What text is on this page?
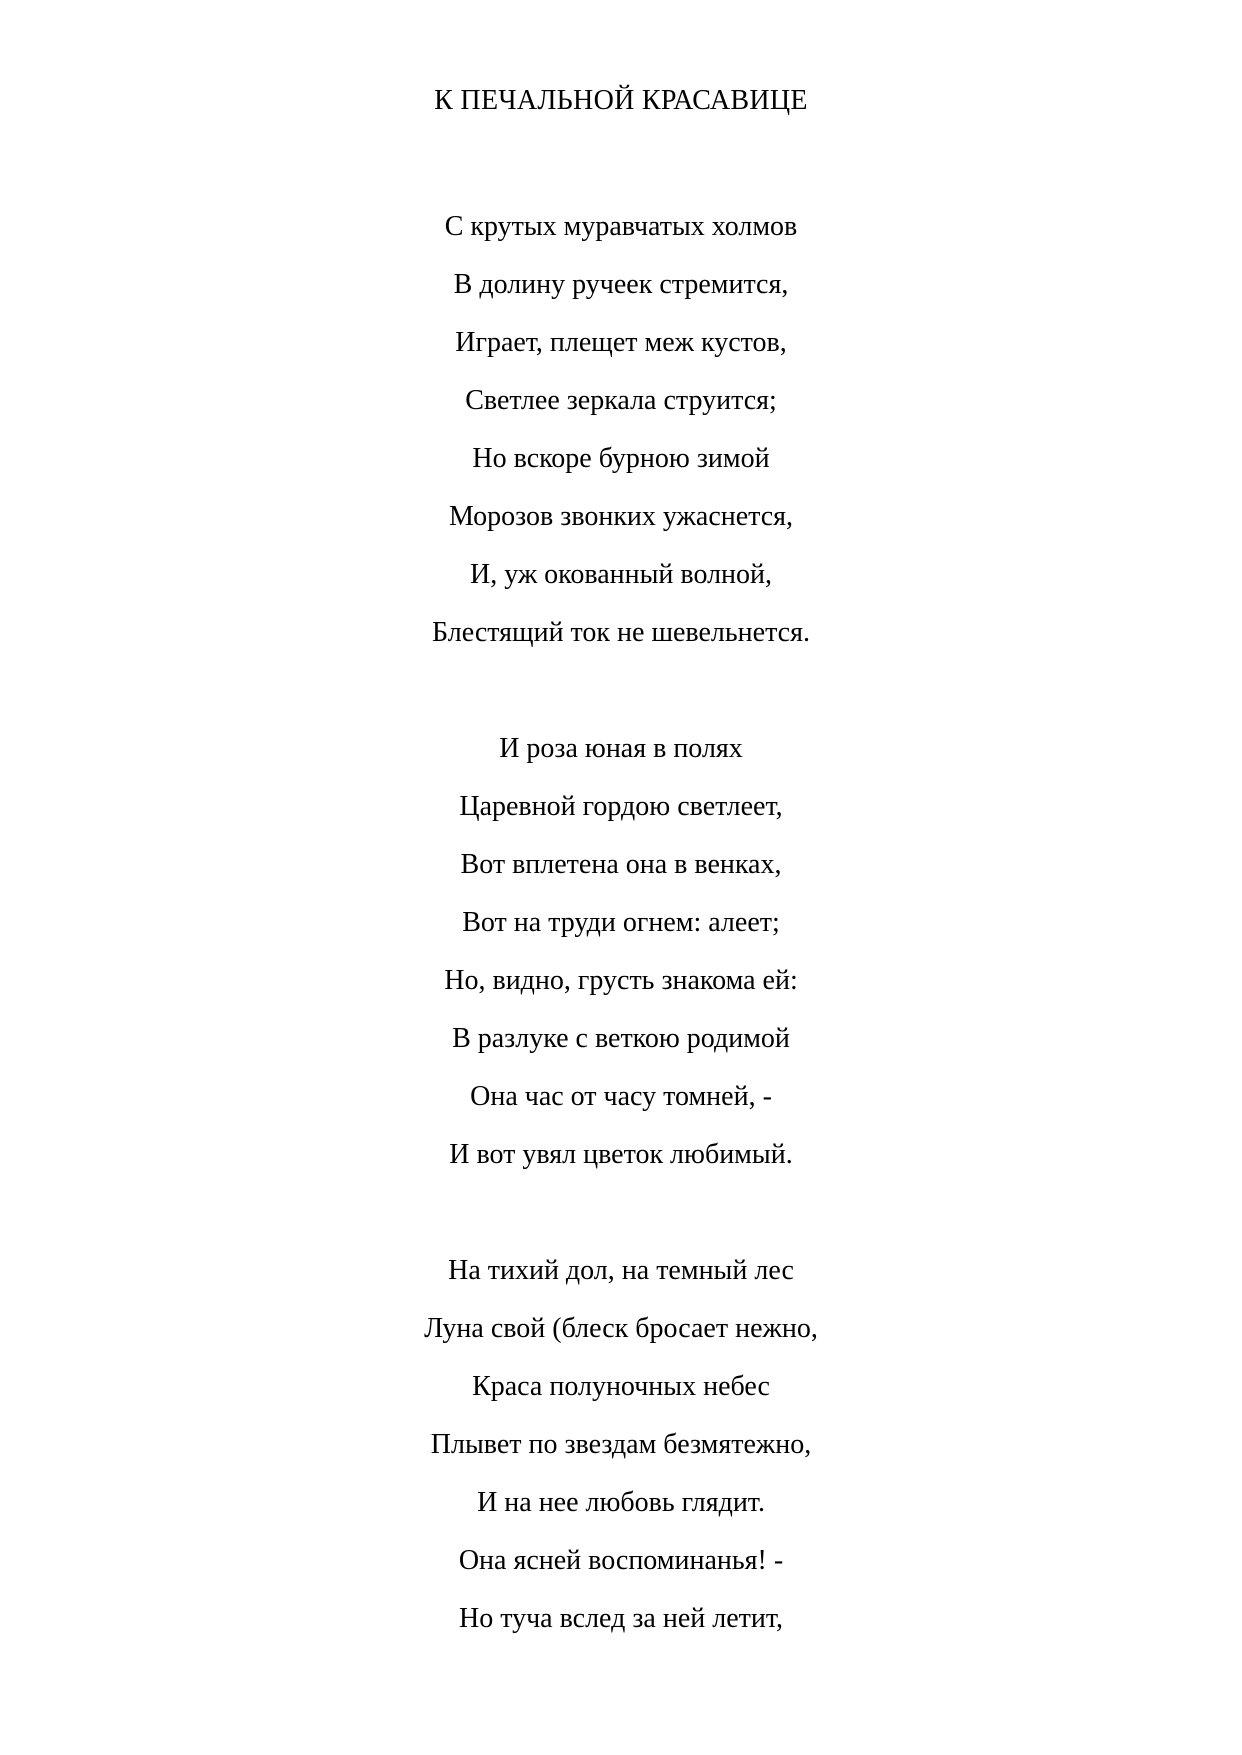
К ПЕЧАЛЬНОЙ КРАСАВИЦЕ
С крутых муравчатых холмов
В долину ручеек стремится,
Играет, плещет меж кустов,
Светлее зеркала струится;
Но вскоре бурною зимой
Морозов звонких ужаснется,
И, уж окованный волной,
Блестящий ток не шевельнется.
И роза юная в полях
Царевной гордою светлеет,
Вот вплетена она в венках,
Вот на труди огнем: алеет;
Но, видно, грусть знакома ей:
В разлуке с веткою родимой
Она час от часу томней, -
И вот увял цветок любимый.
На тихий дол, на темный лес
Луна свой (блеск бросает нежно,
Краса полуночных небес
Плывет по звездам безмятежно,
И на нее любовь глядит.
Она ясней воспоминанья! -
Но туча вслед за ней летит,
